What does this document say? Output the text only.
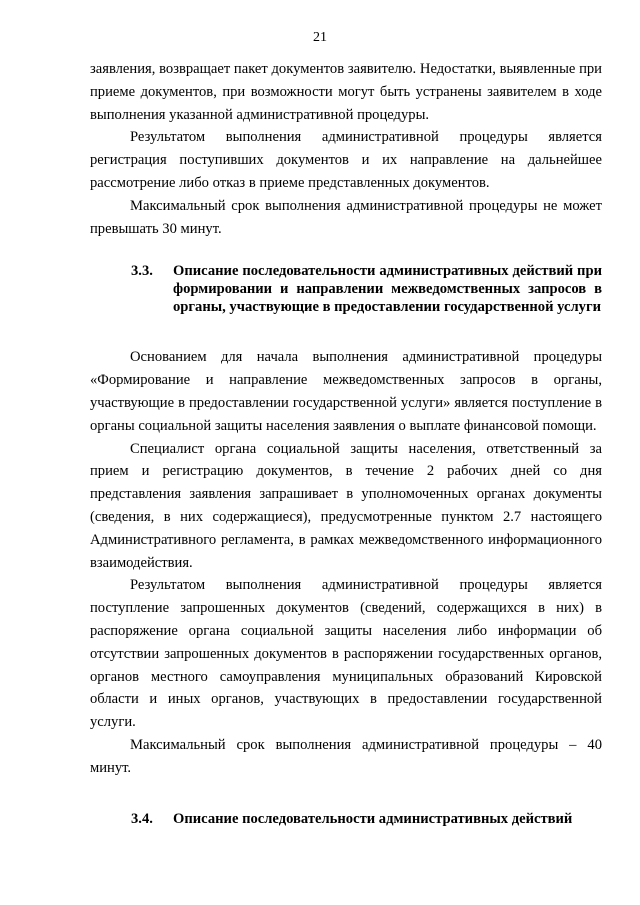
21

заявления, возвращает пакет документов заявителю. Недостатки, выявленные при приеме документов, при возможности могут быть устранены заявителем в ходе выполнения указанной административной процедуры.

Результатом выполнения административной процедуры является регистрация поступивших документов и их направление на дальнейшее рассмотрение либо отказ в приеме представленных документов.

Максимальный срок выполнения административной процедуры не может превышать 30 минут.

3.3.	Описание последовательности административных действий при формировании и направлении межведомственных запросов в органы, участвующие в предоставлении государственной услуги

Основанием для начала выполнения административной процедуры «Формирование и направление межведомственных запросов в органы, участвующие в предоставлении государственной услуги» является поступление в органы социальной защиты населения заявления о выплате финансовой помощи.

Специалист органа социальной защиты населения, ответственный за прием и регистрацию документов, в течение 2 рабочих дней со дня представления заявления запрашивает в уполномоченных органах документы (сведения, в них содержащиеся), предусмотренные пунктом 2.7 настоящего Административного регламента, в рамках межведомственного информационного взаимодействия.

Результатом выполнения административной процедуры является поступление запрошенных документов (сведений, содержащихся в них) в распоряжение органа социальной защиты населения либо информации об отсутствии запрошенных документов в распоряжении государственных органов, органов местного самоуправления муниципальных образований Кировской области и иных органов, участвующих в предоставлении государственной услуги.

Максимальный срок выполнения административной процедуры – 40 минут.

3.4.	Описание последовательности административных действий
